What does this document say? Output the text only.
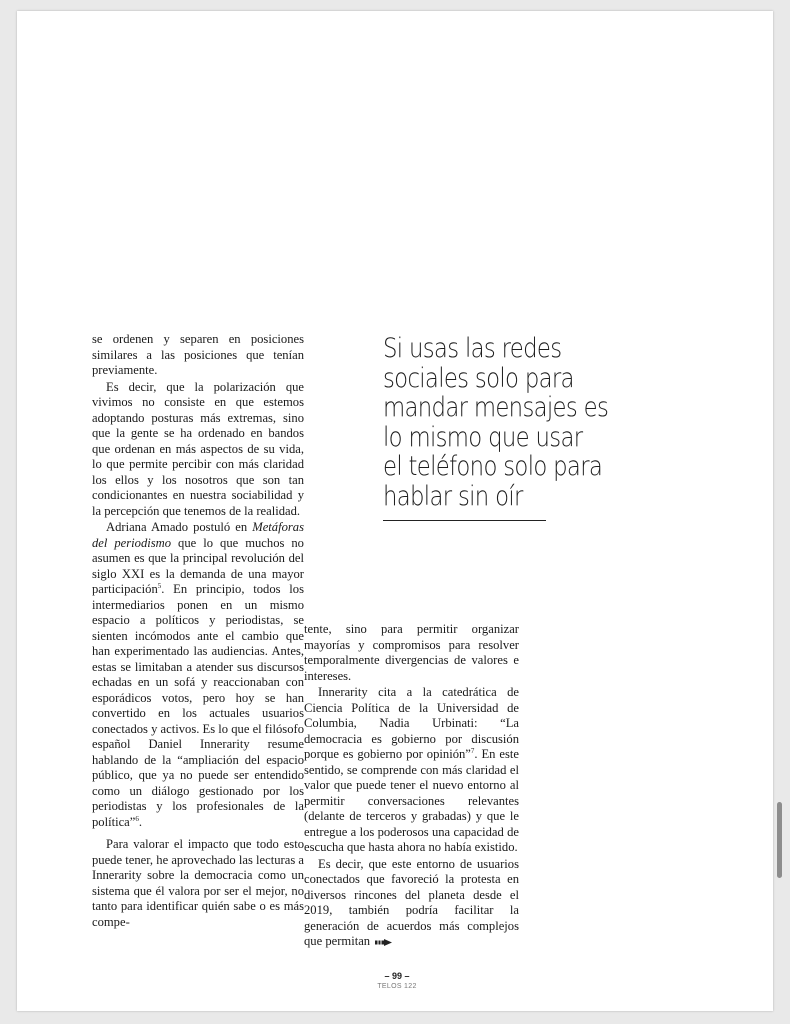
se ordenen y separen en posiciones similares a las posiciones que tenían previamente.

Es decir, que la polarización que vivimos no consiste en que estemos adoptando posturas más extremas, sino que la gente se ha ordenado en bandos que ordenan en más aspectos de su vida, lo que permite percibir con más claridad los ellos y los nosotros que son tan condicionantes en nuestra sociabilidad y la percepción que tenemos de la realidad.

Adriana Amado postuló en Metáforas del periodismo que lo que muchos no asumen es que la principal revolución del siglo XXI es la demanda de una mayor participación$^5$. En principio, todos los intermediarios ponen en un mismo espacio a políticos y periodistas, se sienten incómodos ante el cambio que han experimentado las audiencias. Antes, estas se limitaban a atender sus discursos echadas en un sofá y reaccionaban con esporádicos votos, pero hoy se han convertido en los actuales usuarios conectados y activos. Es lo que el filósofo español Daniel Innerarity resume hablando de la “ampliación del espacio público, que ya no puede ser entendido como un diálogo gestionado por los periodistas y los profesionales de la política”$^6$.

Para valorar el impacto que todo esto puede tener, he aprovechado las lecturas a Innerarity sobre la democracia como un sistema que él valora por ser el mejor, no tanto para identificar quién sabe o es más compe-

tente, sino para permitir organizar mayorías y compromisos para resolver temporalmente divergencias de valores e intereses.

Innerarity cita a la catedrática de Ciencia Política de la Universidad de Columbia, Nadia Urbinati: “La democracia es gobierno por discusión porque es gobierno por opinión”$^7$. En este sentido, se comprende con más claridad el valor que puede tener el nuevo entorno al permitir conversaciones relevantes (delante de terceros y grabadas) y que le entregue a los poderosos una capacidad de escucha que hasta ahora no había existido.

Es decir, que este entorno de usuarios conectados que favoreció la protesta en diversos rincones del planeta desde el 2019, también podría facilitar la generación de acuerdos más complejos que permitan

Si usas las redes
sociales solo para
mandar mensajes es
lo mismo que usar
el teléfono solo para
hablar sin oír
– 99 –
TELOS 122
